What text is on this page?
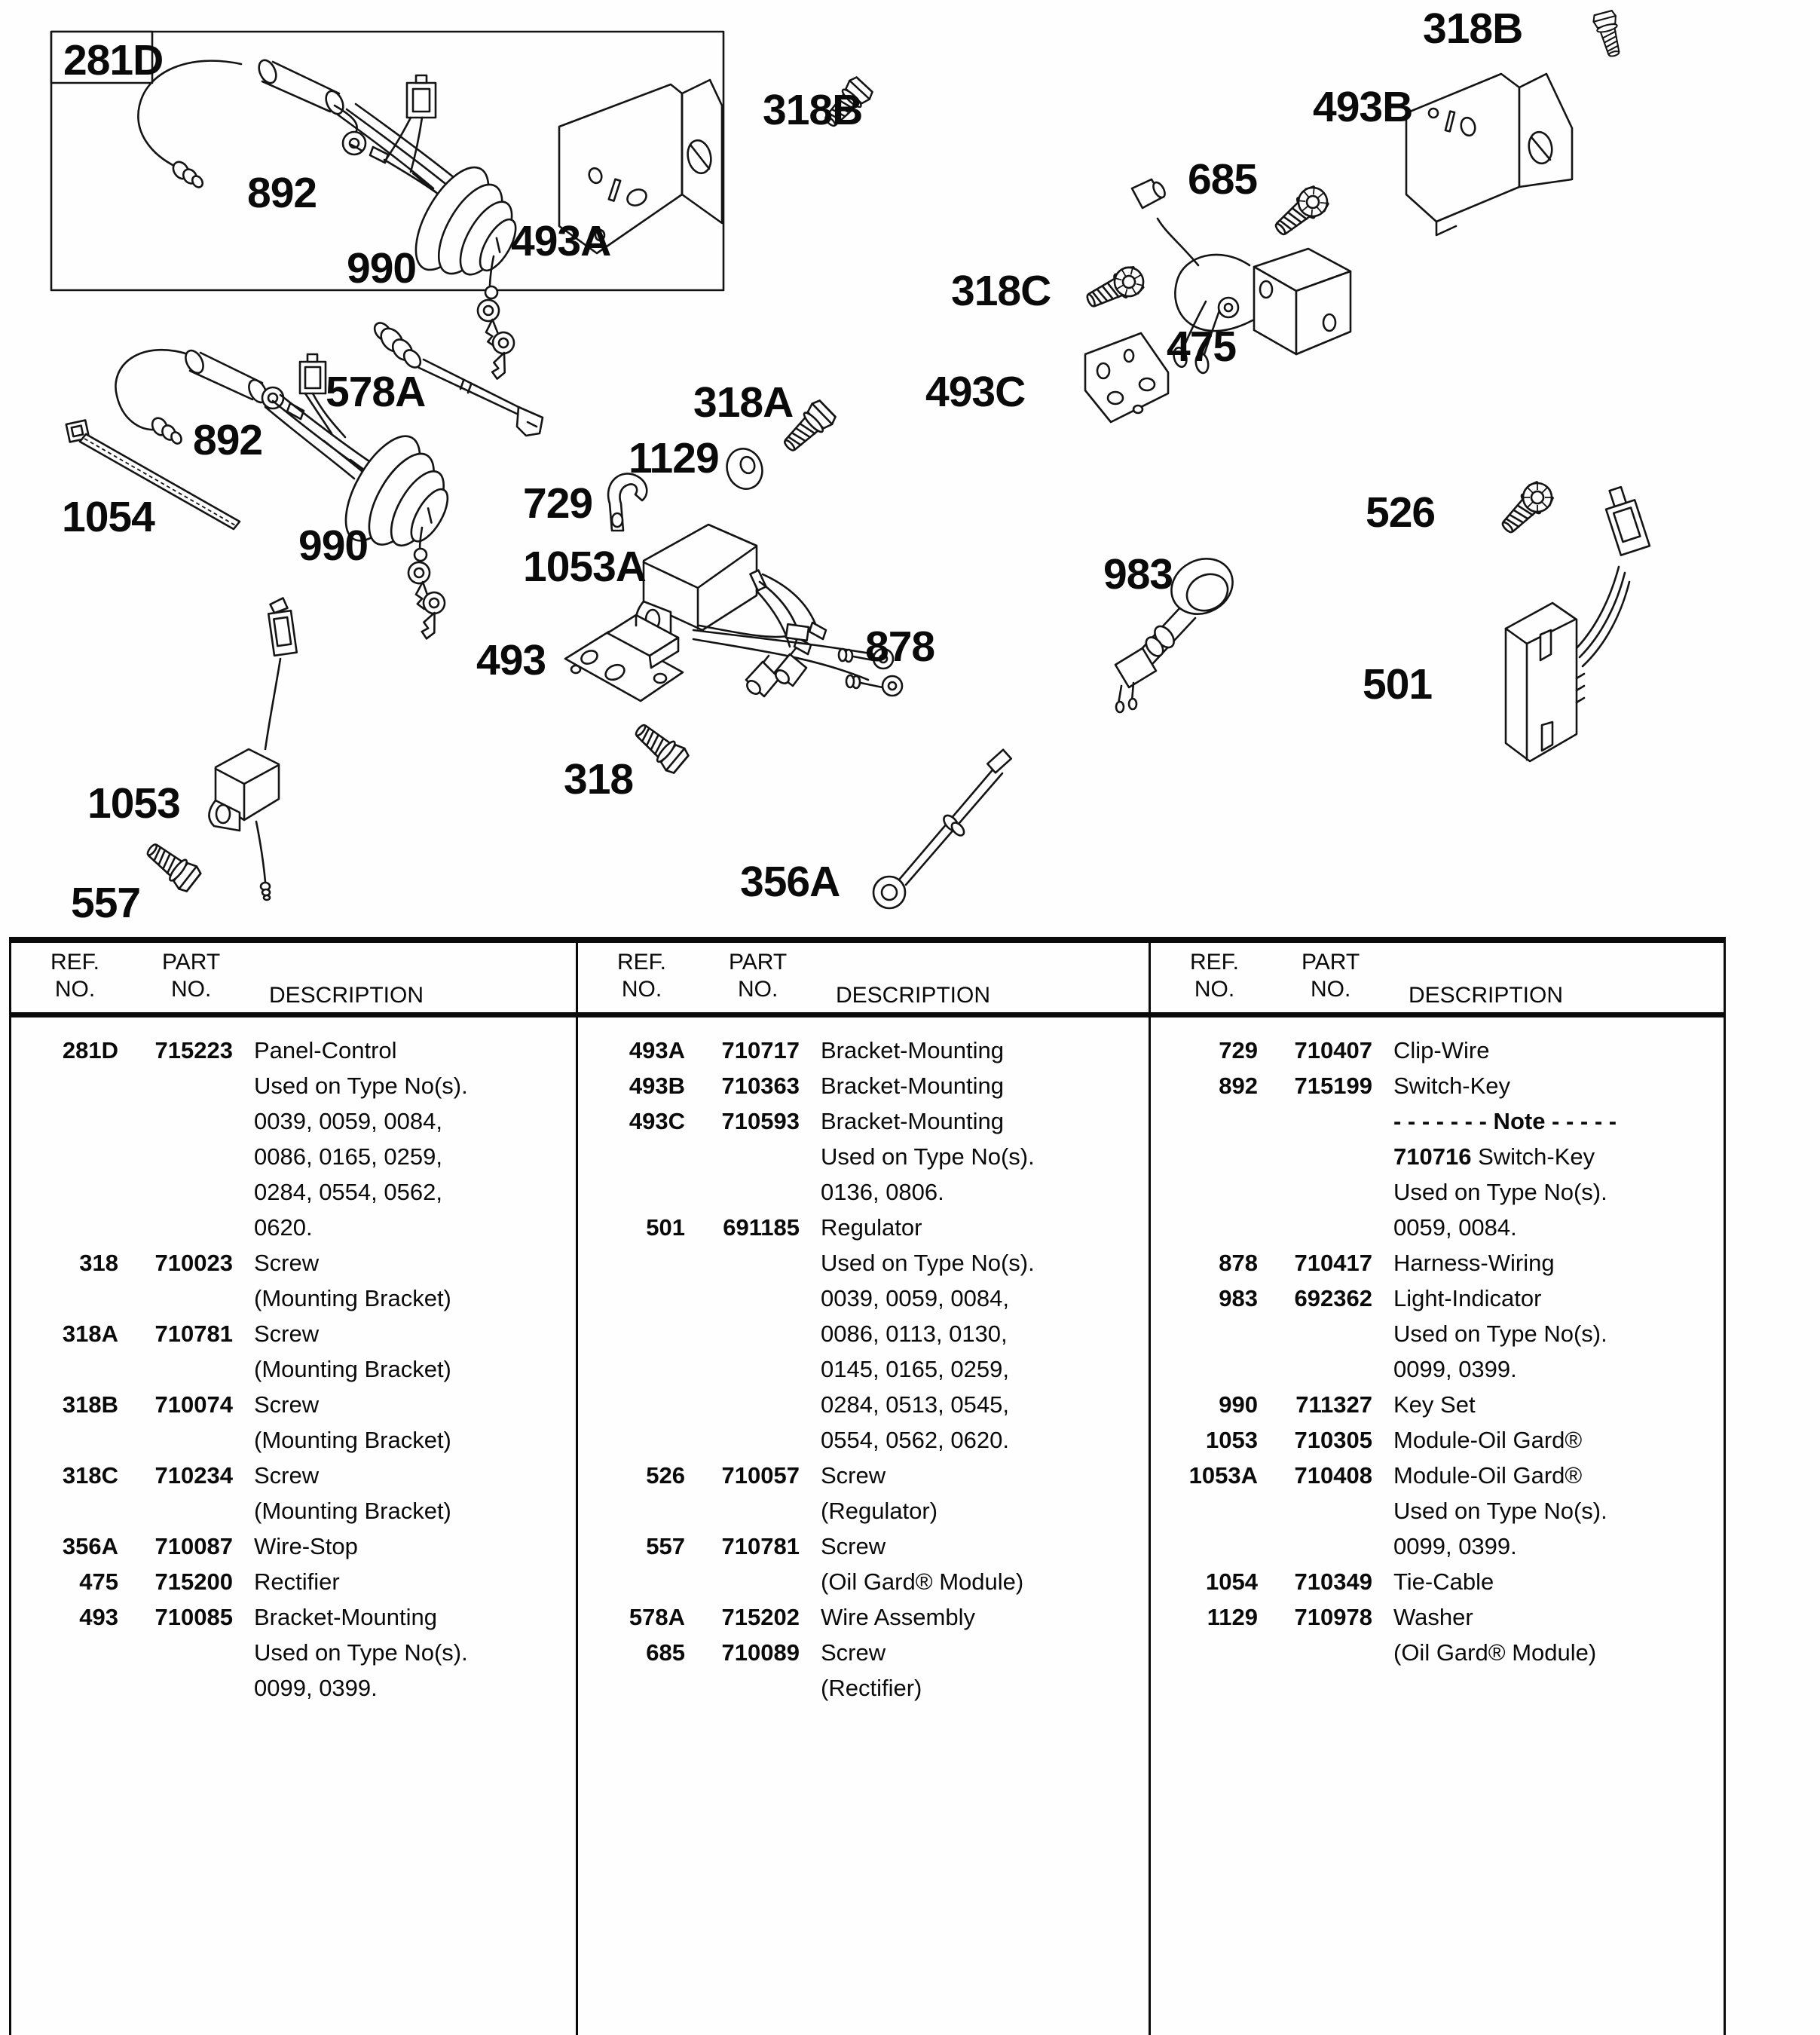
281D
892
990
493A
318B
685
318C
475
493C
318B
493B
526
501
578A
892
1054
990
318A
1129
729
1053A
493
983
878
318
1053
557	356A
REF.
NO.
PART
NO.	DESCRIPTION
281D	715223 Panel-Control
Used on Type No(s).
0039, 0059, 0084,
0086, 0165, 0259,
0284, 0554, 0562,
0620.
318	710023 Screw
(Mounting Bracket)
318A	710781 Screw
(Mounting Bracket)
318B	710074 Screw
(Mounting Bracket)
318C	710234 Screw
(Mounting Bracket)
356A	710087 Wire-Stop
475	715200 Rectifier
493	710085 Bracket-Mounting
Used on Type No(s).
0099, 0399.
REF.
NO.
PART
NO.	DESCRIPTION
493A	710717 Bracket-Mounting
493B	710363 Bracket-Mounting
493C	710593 Bracket-Mounting
Used on Type No(s).
0136, 0806.
501	691185 Regulator
Used on Type No(s).
0039, 0059, 0084,
0086, 0113, 0130,
0145, 0165, 0259,
0284, 0513, 0545,
0554, 0562, 0620.
526	710057 Screw
(Regulator)
557	710781 Screw
(Oil Gard® Module)
578A	715202 Wire Assembly
685	710089 Screw
(Rectifier)
REF.
NO.
PART
NO.	DESCRIPTION
729	710407 Clip-Wire
892	715199 Switch-Key
- - - - - - - Note - - - - -
710716 Switch-Key
Used on Type No(s).
0059, 0084.
878	710417 Harness-Wiring
983	692362 Light-Indicator
Used on Type No(s).
0099, 0399.
990	711327 Key Set
1053	710305 Module-Oil Gard®
1053A	710408 Module-Oil Gard®
Used on Type No(s).
0099, 0399.
1054	710349 Tie-Cable
1129	710978 Washer
(Oil Gard® Module)
